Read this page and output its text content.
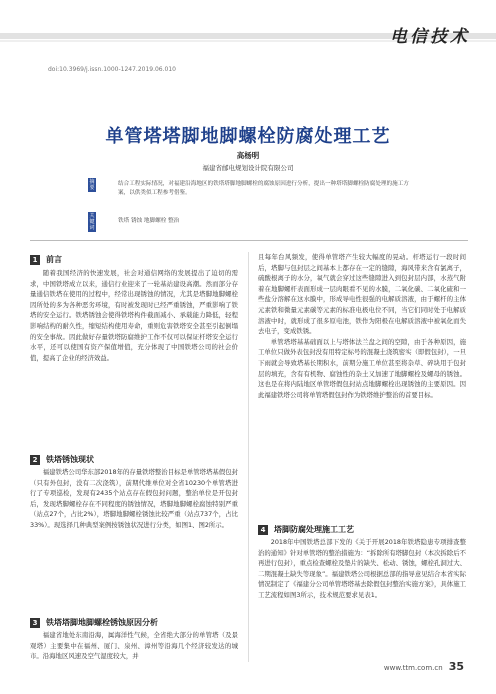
电信技术
doi:10.3969/j.issn.1000-1247.2019.06.010
单管塔塔脚地脚螺栓防腐处理工艺
高杨明
福建省邮电规划设计院有限公司
摘要
结合工程实际情况，对福建沿海地区的铁塔塔脚地脚螺栓的腐蚀原因进行分析，提出一种塔塔脚螺栓防腐处理的施工方案，以供类似工程参考借鉴。
关键词
铁塔 锈蚀 地脚螺栓 整治
1 前言

随着我国经济的快速发展，社会对通信网络的发展提出了迫切的需求，中国铁塔成立以来，通信行业迎来了一轮基站建设高潮。然而部分存量通信铁塔在使用的过程中，经常出现锈蚀的情况，尤其是塔脚地脚螺栓因所处的多为各种恶劣环境，有时被发现时已经严重锈蚀，严重影响了铁塔的安全运行。铁塔锈蚀会使得铁塔构件截面减小、承载能力降低，轻程影响结构的耐久性，缩短结构使用寿命，重则危害铁塔安全甚至引起倒塌的安全事故。因此做好存量铁塔防腐维护工作不仅可以保证杆塔安全运行水平，还可以使国有资产保值增值，充分体现了中国铁塔公司的社会价值，提高了企业的经济效益。

2 铁塔锈蚀现状

福建铁塔公司华东部2018年的存量铁塔整治目标是单管塔塔基假包封（只有外包封，没有二次浇筑），前期代维单位对全省10230个单管塔进行了专项巡检，发现有2435个站点存在假包封问题，整治单位是开包封后，发现塔脚螺栓存在不同程度的锈蚀情况，塔脚地脚螺栓腐蚀特别严重（站点27个，占比2%），塔脚地脚螺栓锈蚀比较严重（站点737个，占比33%）。现选择几种典型案例按锈蚀状况进行分类，如图1、图2所示。

3 铁塔塔脚地脚螺栓锈蚀原因分析

福建省地处东南沿海，属海洋性气候，全省绝大部分的单管塔（及景观塔）主要集中在福州、厦门、泉州、漳州等沿海几个经济较发达的城市。沿海地区风速及空气湿度较大，并

且每年台风频发，使得单管塔产生较大幅度的晃动。杆塔运行一段时间后，塔脚与包封层之间基本上都存在一定的缝隙，海风带来含有氯离子，硫酸根离子的水分，氧气就会穿过这些缝隙进入到包封层内部，水蒸气附着在地脚螺杆表面形成一层肉眼看不见的水膜，二氧化碳、二氧化硫和一些盐分溶解在这水膜中，形成导电性很强的电解质溶液，由于螺杆的主体元素铁和微量元素碳等元素的标准电极电位不同，当它们同时处于电解质溶液中时，就形成了很多原电池，铁作为阳极在电解质溶液中被氧化而失去电子，变成铁锈。

单管塔塔基基础面以上与塔体法兰盘之间的空隙，由于各种原因，施工单位只做外表包封没有用特定标号的混凝土浇筑密实（即假包封），一旦下雨就会导致塔基长期积水，前期分施工单位甚至将杂草、碎块用于包封层的填充，含有有机物、腐蚀性的杂土又加速了地脚螺栓及螺母的锈蚀。这也是在将内陆地区单管塔假包封站点地脚螺栓出现锈蚀的主要原因。因此福建铁塔公司将单管塔假包封作为铁塔维护整治的首要目标。

4 塔脚防腐处理施工工艺

2018年中国铁塔总部下发的《关于开展2018年铁塔隐患专项排查整治的通知》针对单管塔的整治措施为：“拆除所有塔脚包封（本次拆除后不再进行包封），重点检查螺栓及垫片的缺失、松动、锈蚀，螺栓孔洞过大、二期混凝土缺失等现象”。福建铁塔公司根据总部的指导意见结合本省实际情况制定了《福建分公司单管塔塔基去除假包封整治实施方案》，具体施工工艺流程如图3所示，技术规范要求见表1。

www.ttm.com.cn 35
